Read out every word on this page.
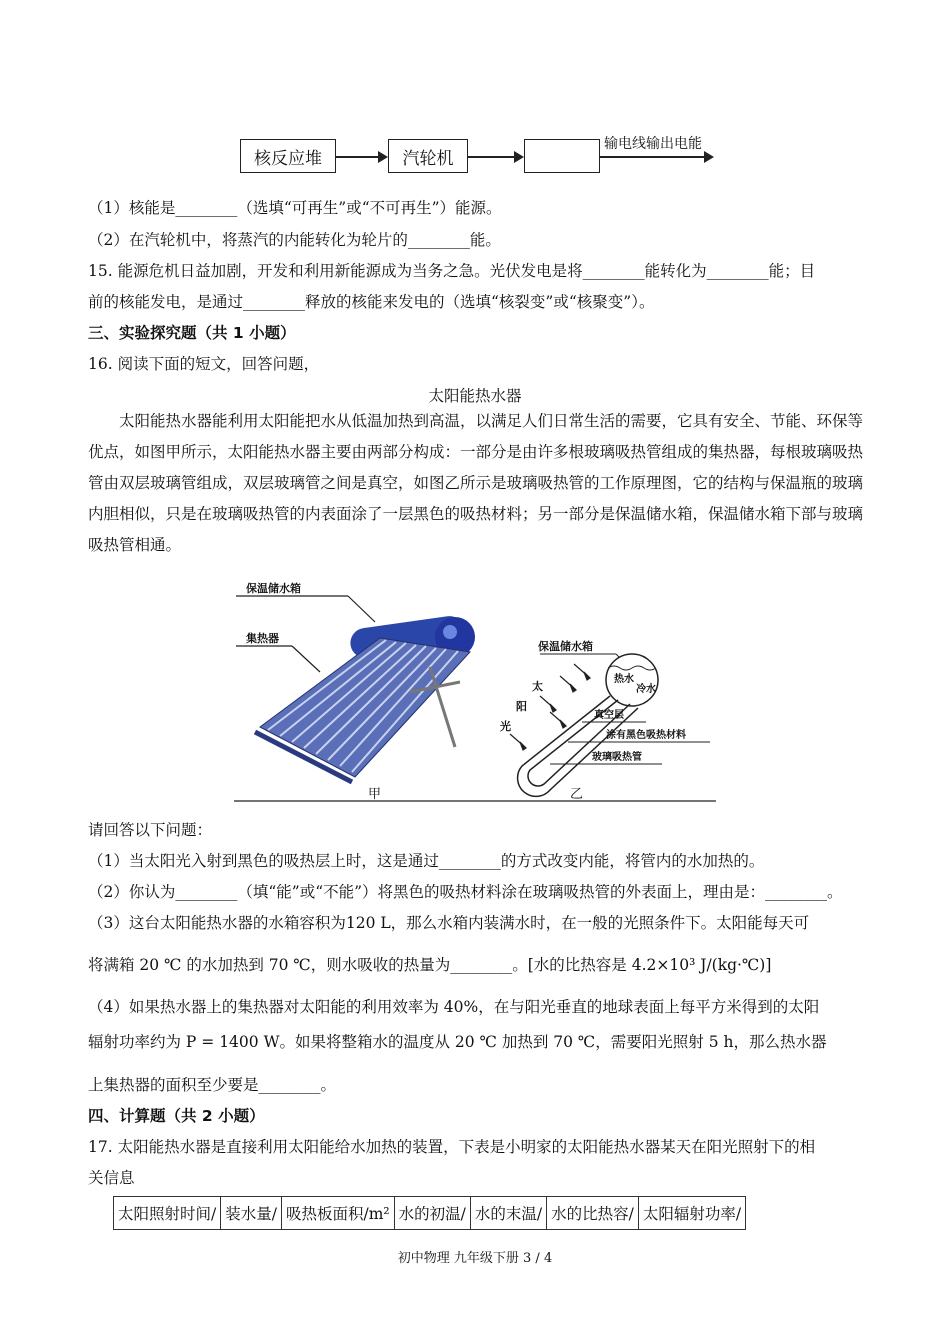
核反应堆	汽轮机
输电线输出电能
（1）核能是________（选填“可再生”或“不可再生”）能源。
（2）在汽轮机中，将蒸汽的内能转化为轮片的________能。
15. 能源危机日益加剧，开发和利用新能源成为当务之急。光伏发电是将________能转化为________能；目
前的核能发电，是通过________释放的核能来发电的（选填“核裂变”或“核聚变”）。
三、实验探究题（共 1 小题）
16. 阅读下面的短文，回答问题，
太阳能热水器
太阳能热水器能利用太阳能把水从低温加热到高温，以满足人们日常生活的需要，它具有安全、节能、环保等优点，如图甲所示，太阳能热水器主要由两部分构成：一部分是由许多根玻璃吸热管组成的集热器，每根玻璃吸热管由双层玻璃管组成，双层玻璃管之间是真空，如图乙所示是玻璃吸热管的工作原理图，它的结构与保温瓶的玻璃内胆相似，只是在玻璃吸热管的内表面涂了一层黑色的吸热材料；另一部分是保温储水箱，保温储水箱下部与玻璃吸热管相通。
保温储水箱
集热器
甲
保温储水箱
热水
冷水
太
阳
光
真空层
涂有黑色吸热材料
玻璃吸热管
乙
请回答以下问题：
（1）当太阳光入射到黑色的吸热层上时，这是通过________的方式改变内能，将管内的水加热的。
（2）你认为________（填“能”或“不能”）将黑色的吸热材料涂在玻璃吸热管的外表面上，理由是：________。
（3）这台太阳能热水器的水箱容积为120 L，那么水箱内装满水时，在一般的光照条件下。太阳能每天可
将满箱 20 ℃ 的水加热到 70 ℃，则水吸收的热量为________。[水的比热容是 4.2×10³ J/(kg·℃)]
（4）如果热水器上的集热器对太阳能的利用效率为 40%，在与阳光垂直的地球表面上每平方米得到的太阳
辐射功率约为 P = 1400 W。如果将整箱水的温度从 20 ℃ 加热到 70 ℃，需要阳光照射 5 h，那么热水器
上集热器的面积至少要是________。
四、计算题（共 2 小题）
17. 太阳能热水器是直接利用太阳能给水加热的装置，下表是小明家的太阳能热水器某天在阳光照射下的相
关信息
太阳照射时间/	装水量/	吸热板面积/m²	水的初温/	水的末温/	水的比热容/	太阳辐射功率/
初中物理 九年级下册 3 / 4
